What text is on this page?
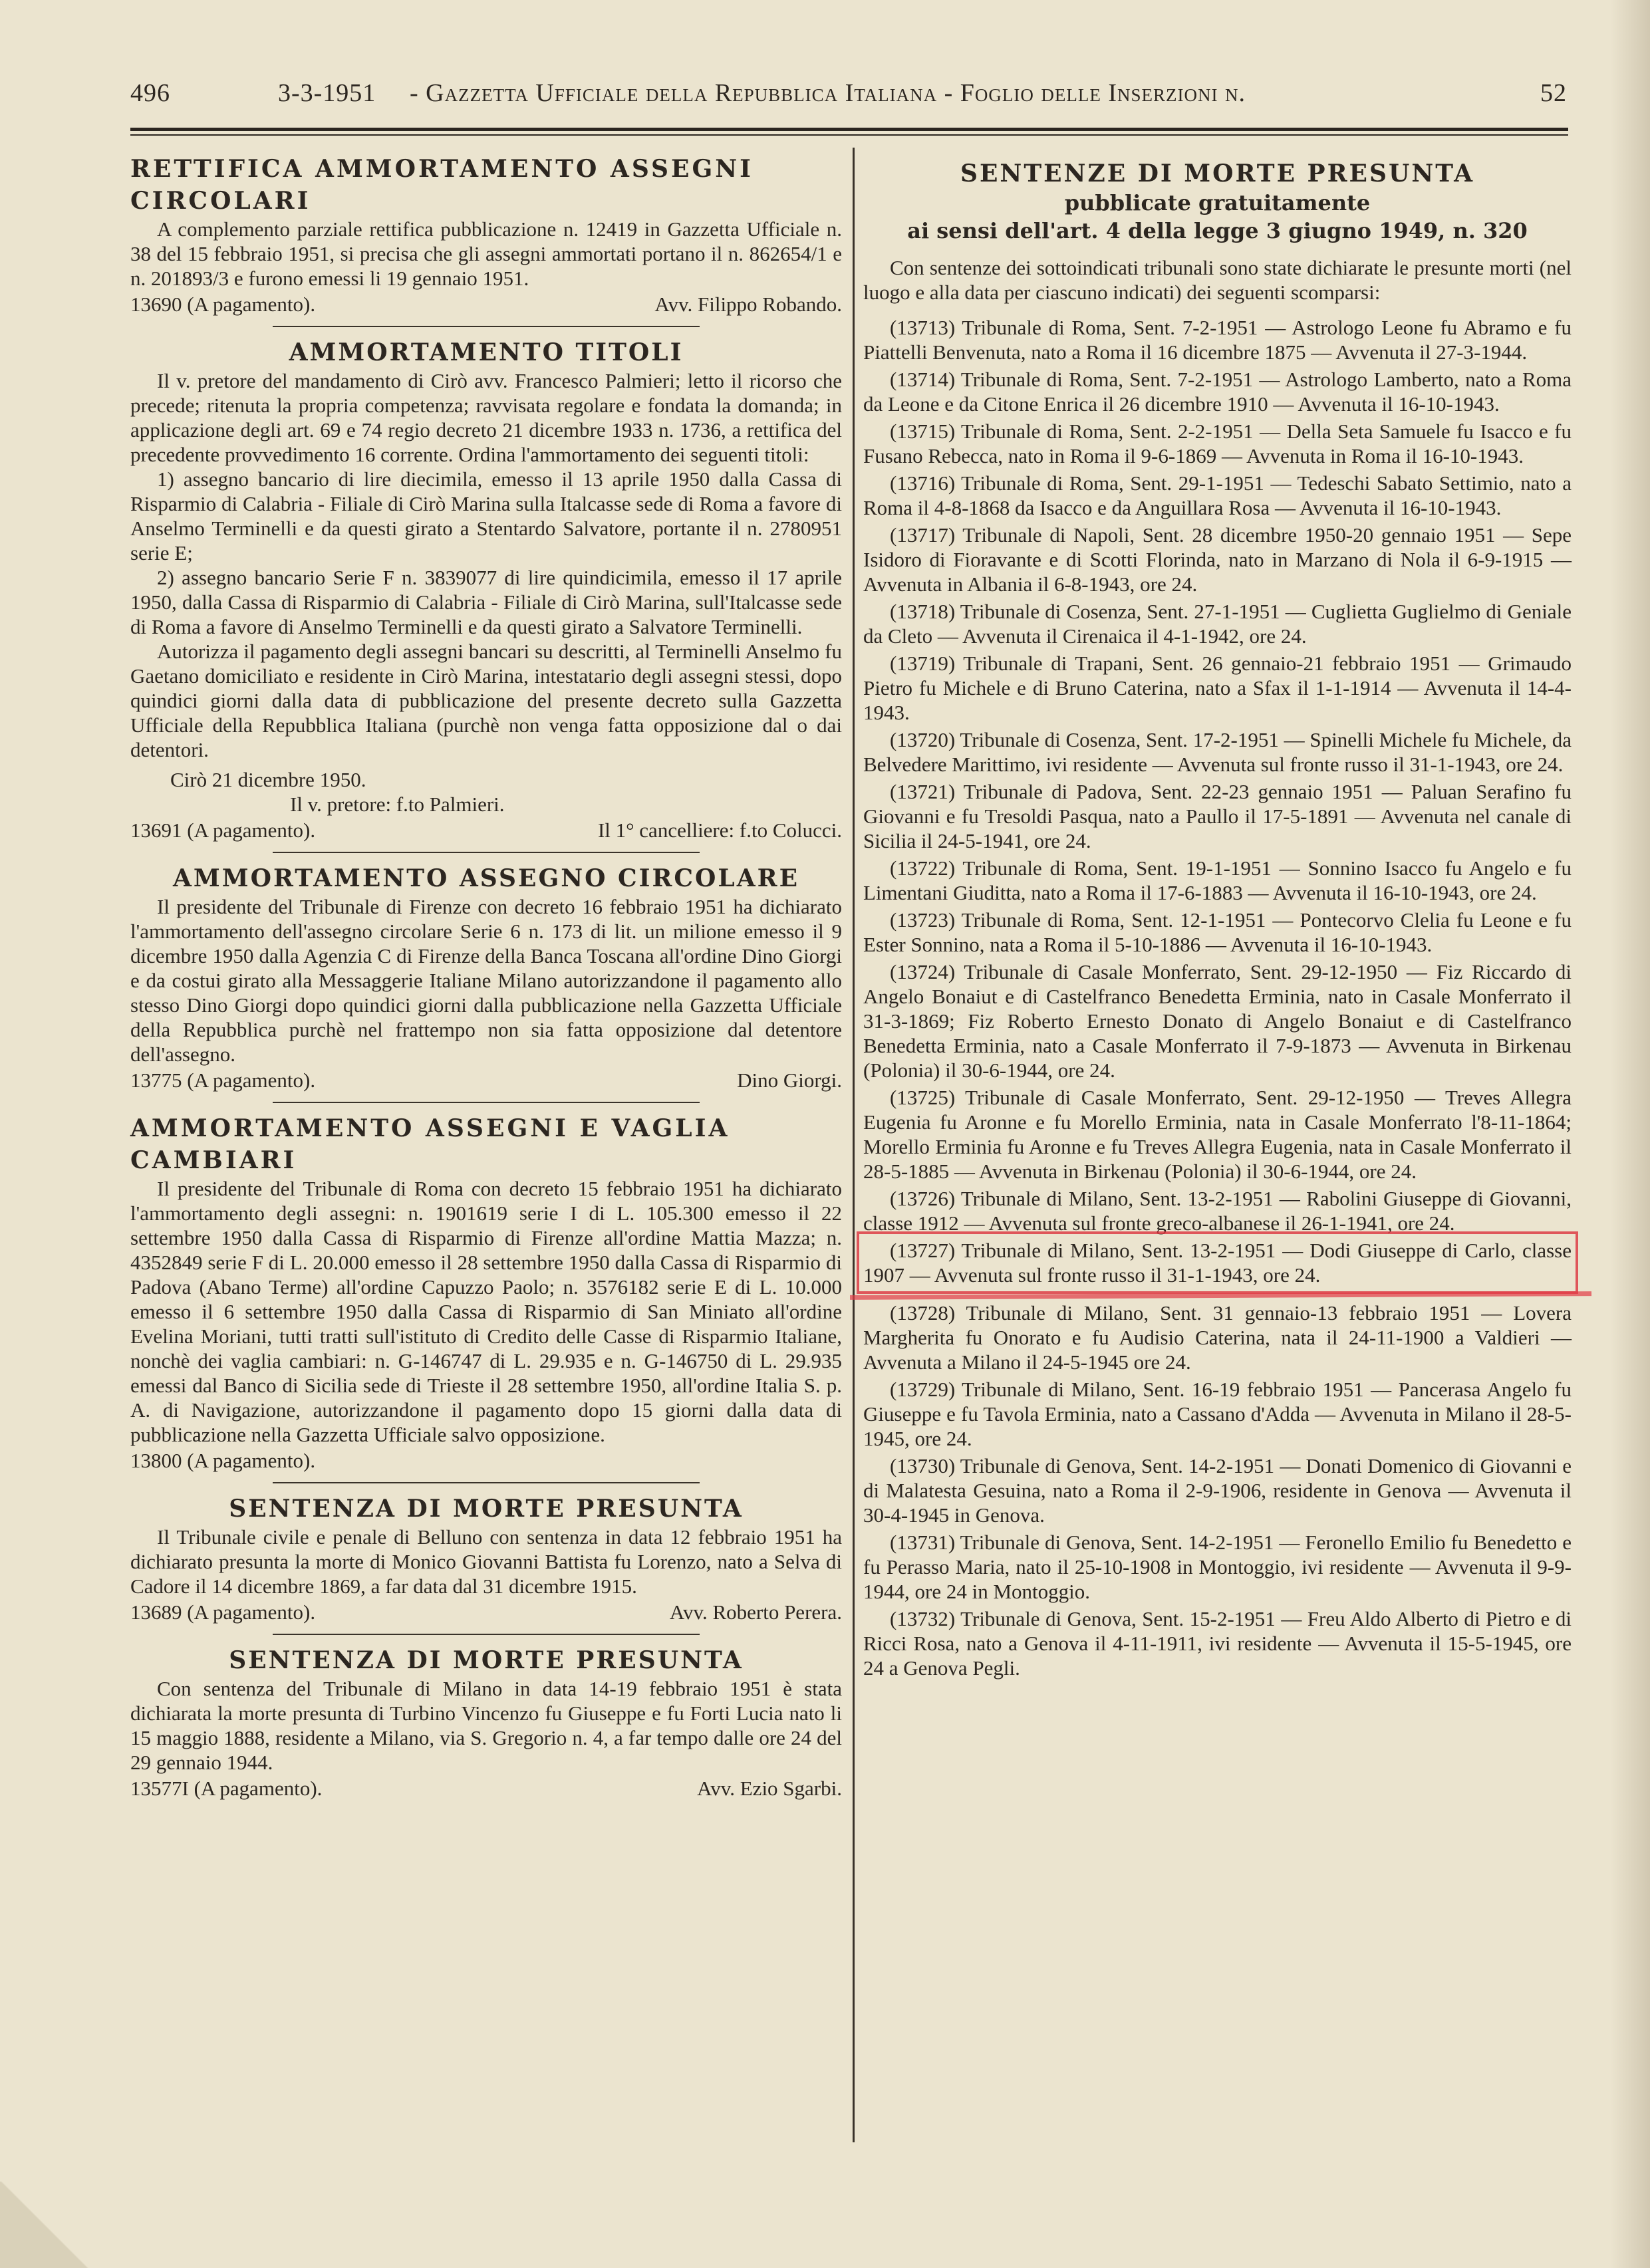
496	3-3-1951 - Gazzetta Ufficiale della Repubblica Italiana - Foglio delle Inserzioni n.	52
RETTIFICA AMMORTAMENTO ASSEGNI CIRCOLARI

A complemento parziale rettifica pubblicazione n. 12419 in Gazzetta Ufficiale n. 38 del 15 febbraio 1951, si precisa che gli assegni ammortati portano il n. 862654/1 e n. 201893/3 e furono emessi li 19 gennaio 1951.

13690 (A pagamento).	Avv. Filippo Robando.
AMMORTAMENTO TITOLI

Il v. pretore del mandamento di Cirò avv. Francesco Palmieri; letto il ricorso che precede; ritenuta la propria competenza; ravvisata regolare e fondata la domanda; in applicazione degli art. 69 e 74 regio decreto 21 dicembre 1933 n. 1736, a rettifica del precedente provvedimento 16 corrente. Ordina l'ammortamento dei seguenti titoli:

1) assegno bancario di lire diecimila, emesso il 13 aprile 1950 dalla Cassa di Risparmio di Calabria - Filiale di Cirò Marina sulla Italcasse sede di Roma a favore di Anselmo Terminelli e da questi girato a Stentardo Salvatore, portante il n. 2780951 serie E;

2) assegno bancario Serie F n. 3839077 di lire quindicimila, emesso il 17 aprile 1950, dalla Cassa di Risparmio di Calabria - Filiale di Cirò Marina, sull'Italcasse sede di Roma a favore di Anselmo Terminelli e da questi girato a Salvatore Terminelli.

Autorizza il pagamento degli assegni bancari su descritti, al Terminelli Anselmo fu Gaetano domiciliato e residente in Cirò Marina, intestatario degli assegni stessi, dopo quindici giorni dalla data di pubblicazione del presente decreto sulla Gazzetta Ufficiale della Repubblica Italiana (purchè non venga fatta opposizione dal o dai detentori.

Cirò 21 dicembre 1950.
Il v. pretore: f.to Palmieri.
13691 (A pagamento).	Il 1° cancelliere: f.to Colucci.
AMMORTAMENTO ASSEGNO CIRCOLARE

Il presidente del Tribunale di Firenze con decreto 16 febbraio 1951 ha dichiarato l'ammortamento dell'assegno circolare Serie 6 n. 173 di lit. un milione emesso il 9 dicembre 1950 dalla Agenzia C di Firenze della Banca Toscana all'ordine Dino Giorgi e da costui girato alla Messaggerie Italiane Milano autorizzandone il pagamento allo stesso Dino Giorgi dopo quindici giorni dalla pubblicazione nella Gazzetta Ufficiale della Repubblica purchè nel frattempo non sia fatta opposizione dal detentore dell'assegno.

13775 (A pagamento).	Dino Giorgi.
AMMORTAMENTO ASSEGNI E VAGLIA CAMBIARI

Il presidente del Tribunale di Roma con decreto 15 febbraio 1951 ha dichiarato l'ammortamento degli assegni: n. 1901619 serie I di L. 105.300 emesso il 22 settembre 1950 dalla Cassa di Risparmio di Firenze all'ordine Mattia Mazza; n. 4352849 serie F di L. 20.000 emesso il 28 settembre 1950 dalla Cassa di Risparmio di Padova (Abano Terme) all'ordine Capuzzo Paolo; n. 3576182 serie E di L. 10.000 emesso il 6 settembre 1950 dalla Cassa di Risparmio di San Miniato all'ordine Evelina Moriani, tutti tratti sull'istituto di Credito delle Casse di Risparmio Italiane, nonchè dei vaglia cambiari: n. G-146747 di L. 29.935 e n. G-146750 di L. 29.935 emessi dal Banco di Sicilia sede di Trieste il 28 settembre 1950, all'ordine Italia S. p. A. di Navigazione, autorizzandone il pagamento dopo 15 giorni dalla data di pubblicazione nella Gazzetta Ufficiale salvo opposizione.

13800 (A pagamento).
SENTENZA DI MORTE PRESUNTA

Il Tribunale civile e penale di Belluno con sentenza in data 12 febbraio 1951 ha dichiarato presunta la morte di Monico Giovanni Battista fu Lorenzo, nato a Selva di Cadore il 14 dicembre 1869, a far data dal 31 dicembre 1915.

13689 (A pagamento).	Avv. Roberto Perera.
SENTENZA DI MORTE PRESUNTA

Con sentenza del Tribunale di Milano in data 14-19 febbraio 1951 è stata dichiarata la morte presunta di Turbino Vincenzo fu Giuseppe e fu Forti Lucia nato li 15 maggio 1888, residente a Milano, via S. Gregorio n. 4, a far tempo dalle ore 24 del 29 gennaio 1944.

13577I (A pagamento).	Avv. Ezio Sgarbi.
SENTENZE DI MORTE PRESUNTA
pubblicate gratuitamente
ai sensi dell'art. 4 della legge 3 giugno 1949, n. 320

Con sentenze dei sottoindicati tribunali sono state dichiarate le presunte morti (nel luogo e alla data per ciascuno indicati) dei seguenti scomparsi:

(13713) Tribunale di Roma, Sent. 7-2-1951 — Astrologo Leone fu Abramo e fu Piattelli Benvenuta, nato a Roma il 16 dicembre 1875 — Avvenuta il 27-3-1944.

(13714) Tribunale di Roma, Sent. 7-2-1951 — Astrologo Lamberto, nato a Roma da Leone e da Citone Enrica il 26 dicembre 1910 — Avvenuta il 16-10-1943.

(13715) Tribunale di Roma, Sent. 2-2-1951 — Della Seta Samuele fu Isacco e fu Fusano Rebecca, nato in Roma il 9-6-1869 — Avvenuta in Roma il 16-10-1943.

(13716) Tribunale di Roma, Sent. 29-1-1951 — Tedeschi Sabato Settimio, nato a Roma il 4-8-1868 da Isacco e da Anguillara Rosa — Avvenuta il 16-10-1943.

(13717) Tribunale di Napoli, Sent. 28 dicembre 1950-20 gennaio 1951 — Sepe Isidoro di Fioravante e di Scotti Florinda, nato in Marzano di Nola il 6-9-1915 — Avvenuta in Albania il 6-8-1943, ore 24.

(13718) Tribunale di Cosenza, Sent. 27-1-1951 — Cuglietta Guglielmo di Geniale da Cleto — Avvenuta il Cirenaica il 4-1-1942, ore 24.

(13719) Tribunale di Trapani, Sent. 26 gennaio-21 febbraio 1951 — Grimaudo Pietro fu Michele e di Bruno Caterina, nato a Sfax il 1-1-1914 — Avvenuta il 14-4-1943.

(13720) Tribunale di Cosenza, Sent. 17-2-1951 — Spinelli Michele fu Michele, da Belvedere Marittimo, ivi residente — Avvenuta sul fronte russo il 31-1-1943, ore 24.

(13721) Tribunale di Padova, Sent. 22-23 gennaio 1951 — Paluan Serafino fu Giovanni e fu Tresoldi Pasqua, nato a Paullo il 17-5-1891 — Avvenuta nel canale di Sicilia il 24-5-1941, ore 24.

(13722) Tribunale di Roma, Sent. 19-1-1951 — Sonnino Isacco fu Angelo e fu Limentani Giuditta, nato a Roma il 17-6-1883 — Avvenuta il 16-10-1943, ore 24.

(13723) Tribunale di Roma, Sent. 12-1-1951 — Pontecorvo Clelia fu Leone e fu Ester Sonnino, nata a Roma il 5-10-1886 — Avvenuta il 16-10-1943.

(13724) Tribunale di Casale Monferrato, Sent. 29-12-1950 — Fiz Riccardo di Angelo Bonaiut e di Castelfranco Benedetta Erminia, nato in Casale Monferrato il 31-3-1869; Fiz Roberto Ernesto Donato di Angelo Bonaiut e di Castelfranco Benedetta Erminia, nato a Casale Monferrato il 7-9-1873 — Avvenuta in Birkenau (Polonia) il 30-6-1944, ore 24.

(13725) Tribunale di Casale Monferrato, Sent. 29-12-1950 — Treves Allegra Eugenia fu Aronne e fu Morello Erminia, nata in Casale Monferrato l'8-11-1864; Morello Erminia fu Aronne e fu Treves Allegra Eugenia, nata in Casale Monferrato il 28-5-1885 — Avvenuta in Birkenau (Polonia) il 30-6-1944, ore 24.

(13726) Tribunale di Milano, Sent. 13-2-1951 — Rabolini Giuseppe di Giovanni, classe 1912 — Avvenuta sul fronte greco-albanese il 26-1-1941, ore 24.

(13727) Tribunale di Milano, Sent. 13-2-1951 — Dodi Giuseppe di Carlo, classe 1907 — Avvenuta sul fronte russo il 31-1-1943, ore 24.

(13728) Tribunale di Milano, Sent. 31 gennaio-13 febbraio 1951 — Lovera Margherita fu Onorato e fu Audisio Caterina, nata il 24-11-1900 a Valdieri — Avvenuta a Milano il 24-5-1945 ore 24.

(13729) Tribunale di Milano, Sent. 16-19 febbraio 1951 — Pancerasa Angelo fu Giuseppe e fu Tavola Erminia, nato a Cassano d'Adda — Avvenuta in Milano il 28-5-1945, ore 24.

(13730) Tribunale di Genova, Sent. 14-2-1951 — Donati Domenico di Giovanni e di Malatesta Gesuina, nato a Roma il 2-9-1906, residente in Genova — Avvenuta il 30-4-1945 in Genova.

(13731) Tribunale di Genova, Sent. 14-2-1951 — Feronello Emilio fu Benedetto e fu Perasso Maria, nato il 25-10-1908 in Montoggio, ivi residente — Avvenuta il 9-9-1944, ore 24 in Montoggio.

(13732) Tribunale di Genova, Sent. 15-2-1951 — Freu Aldo Alberto di Pietro e di Ricci Rosa, nato a Genova il 4-11-1911, ivi residente — Avvenuta il 15-5-1945, ore 24 a Genova Pegli.
